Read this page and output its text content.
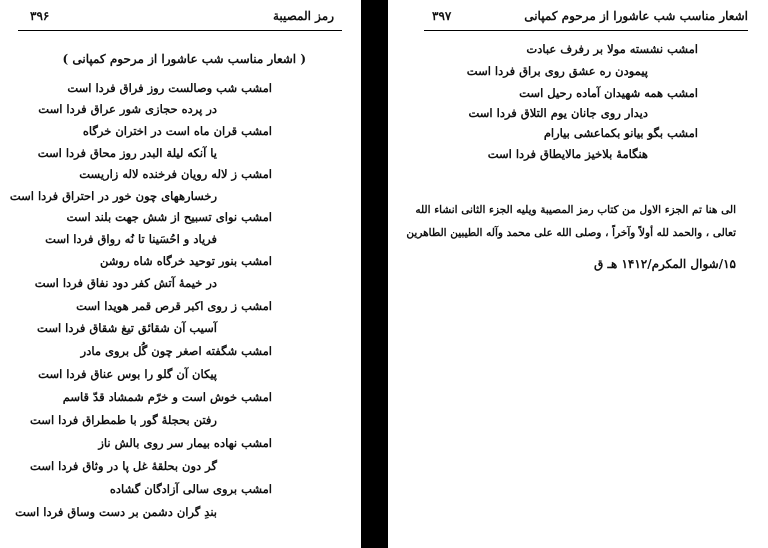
۳۹۶	رمز المصيبة
( اشعار مناسب شب عاشورا از مرحوم کمپانی )
امشب شب وصالست روز فراق فردا است
در پرده حجازی شور عراق فردا است
امشب قران ماه است در اختران خرگاه
یا آنکه لیلة البدر روز محاق فردا است
امشب ز لاله رویان فرخنده لاله زاریست
رخسارههای چون خور در احتراق فردا است
امشب نوای تسبیح از شش جهت بلند است
فریاد و احُسَینا تا نُه رواق فردا است
امشب بنور توحید خرگاه شاه روشن
در خیمهٔ آتش کفر دود نفاق فردا است
امشب ز روی اکبر قرص قمر هویدا است
آسیب آن شقائق تیغ شقاق فردا است
امشب شگفته اصغر چون گُل بروی مادر
پیکان آن گلو را بوس عناق فردا است
امشب خوش است و خرّم شمشاد قدّ قاسم
رفتن بحجلهٔ گور با طمطراق فردا است
امشب نهاده بیمار سر روی بالش ناز
گر دون بحلقهٔ غل پا در وثاق فردا است
امشب بروی سالی آزادگان گشاده
بندِ گران دشمن بر دست وساق فردا است
اشعار مناسب شب عاشورا از مرحوم کمپانی
۳۹۷
امشب نشسته مولا بر رفرف عبادت
پیمودن ره عشق روی براق فردا است
امشب همه شهیدان آماده رحیل است
دیدار روی جانان یوم التلاق فردا است
امشب بگو بیانو بکماعشی بیارام
هنگامهٔ بلاخیز مالایطاق فردا است
الی هنا تم الجزء الاول من کتاب رمز المصیبة ویلیه الجزء الثانی انشاء الله
تعالی ، والحمد لله أولاً وآخراً ، وصلی الله علی محمد وآله الطیبین الطاهرین
۱۵/شوال المکرم/۱۴۱۲ هـ ق
